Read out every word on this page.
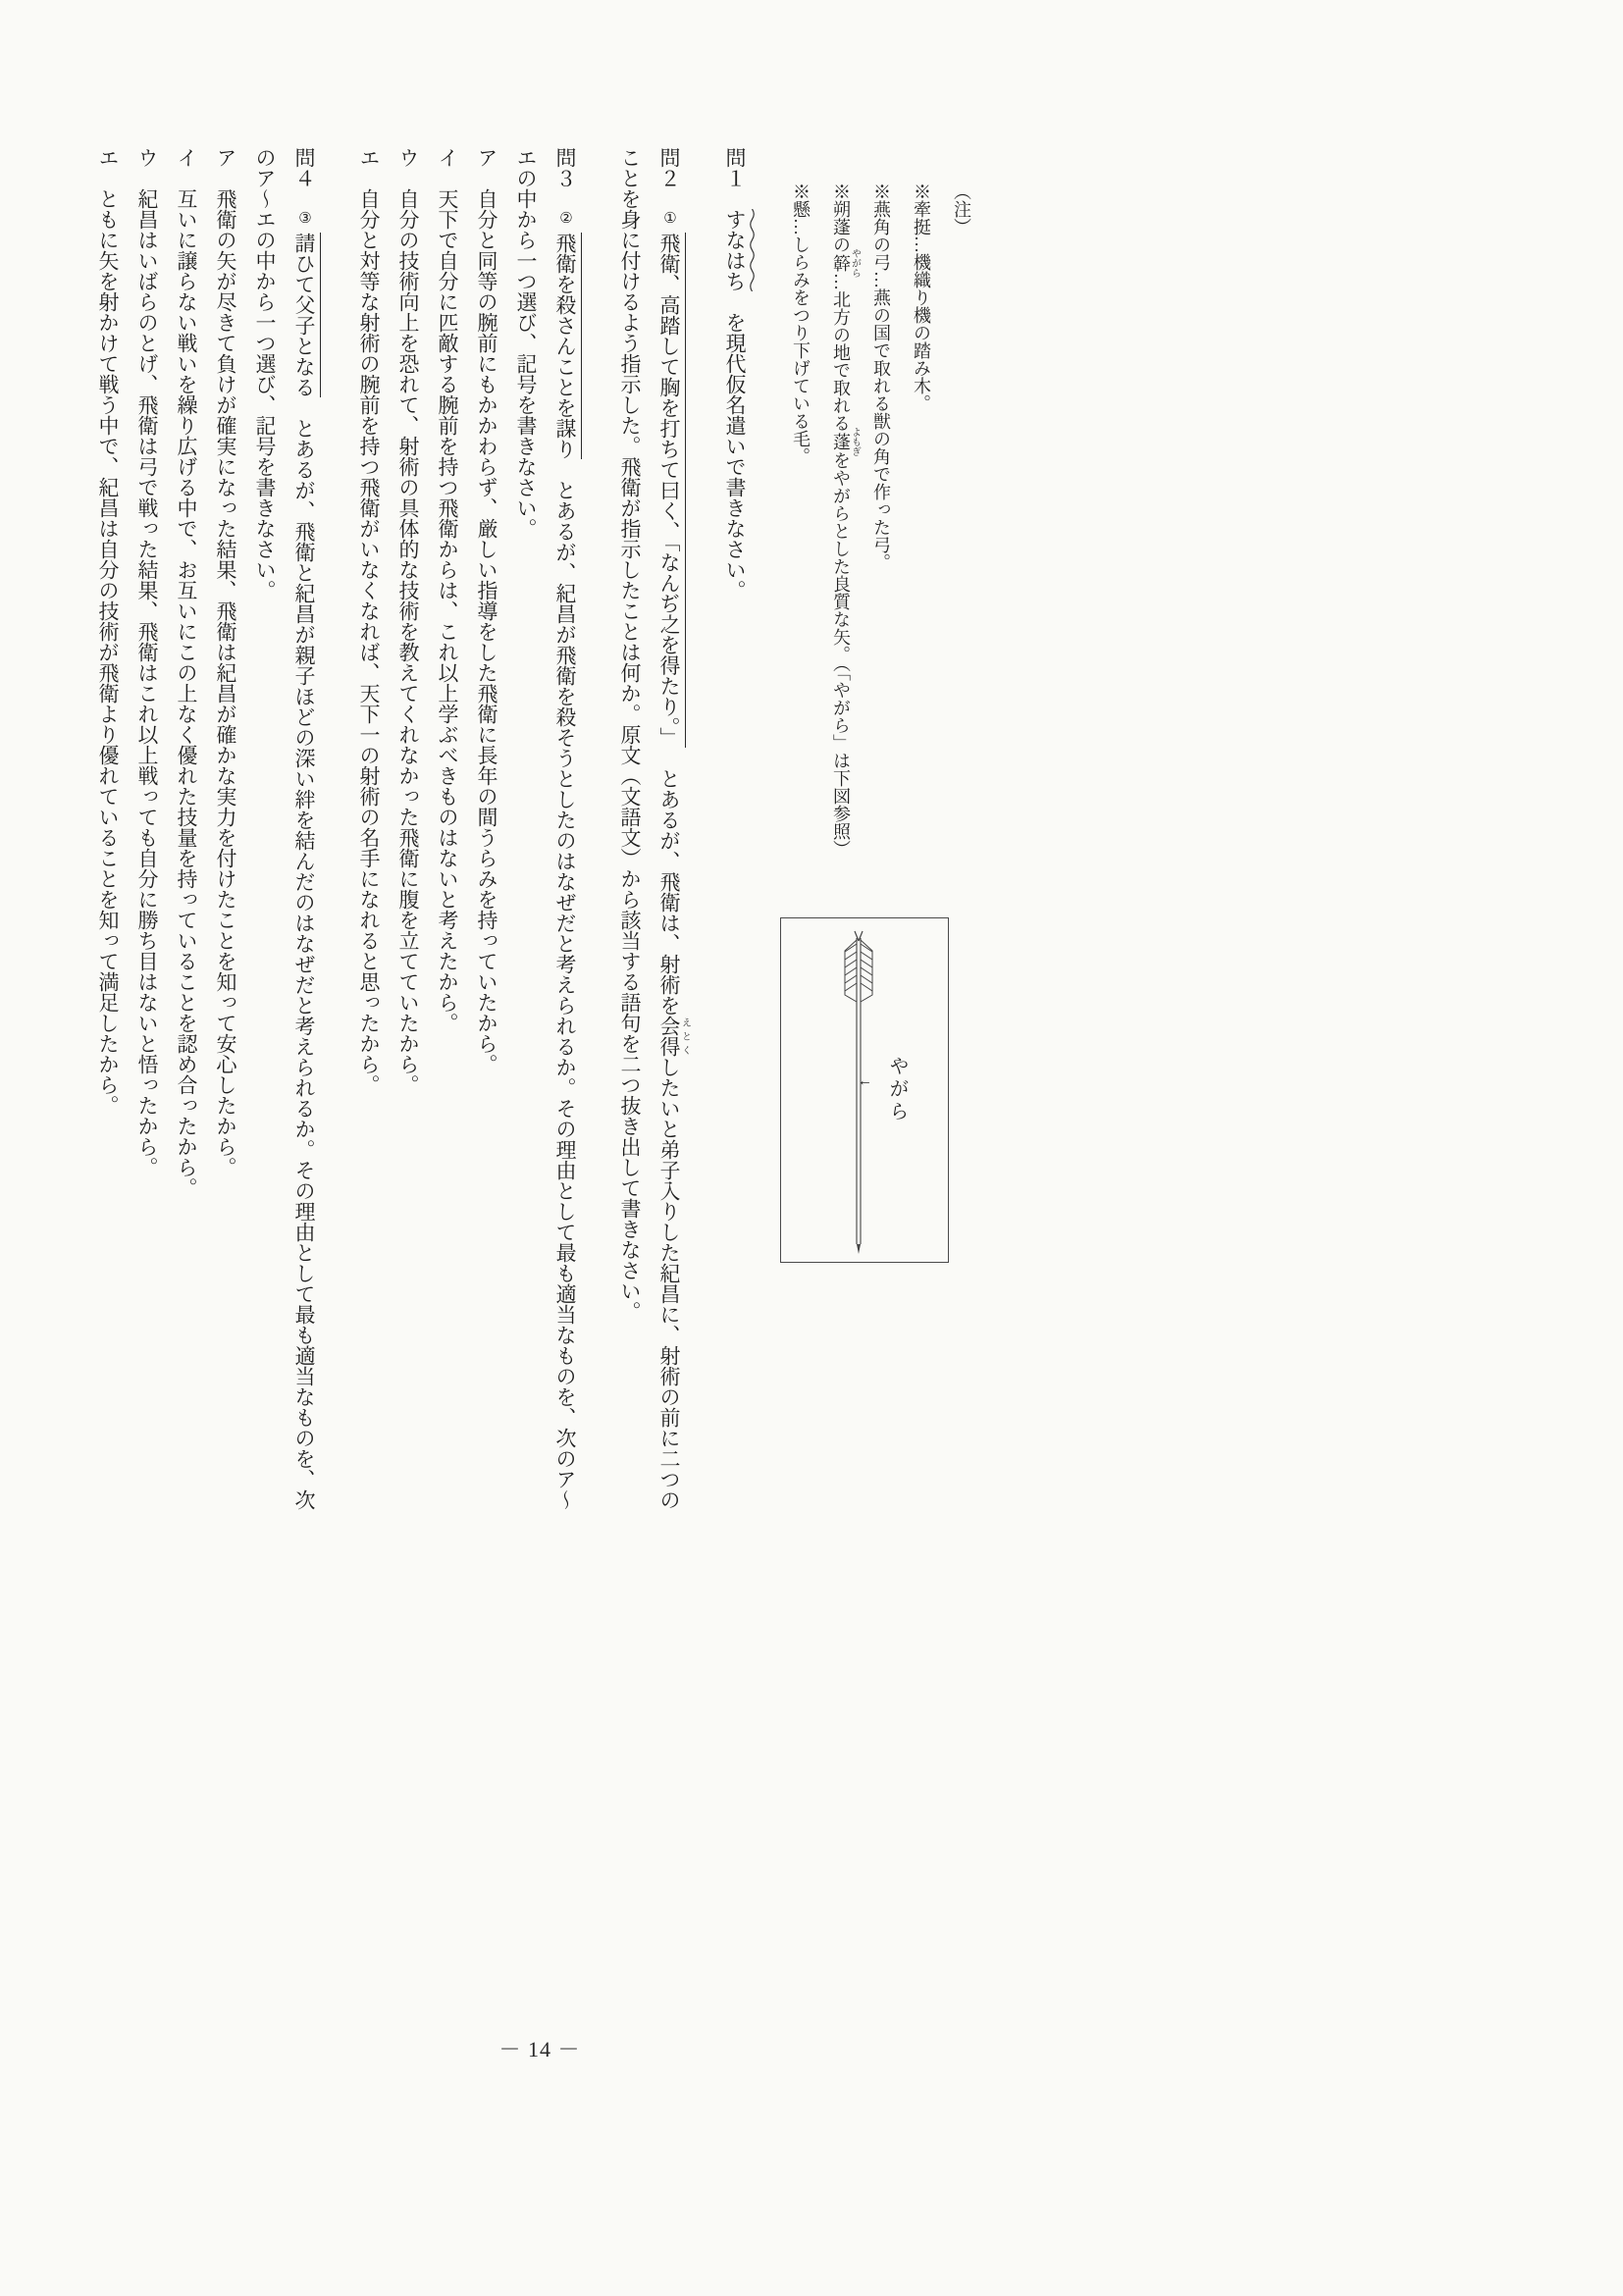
（注）

※牽挺…機織り機の踏み木。

※燕角の弓…燕の国で取れる獣の角で作った弓。

※朔蓬の簳やがら…北方の地で取れる蓬よもぎをやがらとした良質な矢。（「やがら」は下図参照）

※懸…しらみをつり下げている毛。

問１すなはち
を現代仮名遣いで書きなさい。

問２①飛衛、高踏して胸を打ちて曰く、「なんぢ之を得たり。」とあるが、飛衛は、射術を会得えとくしたいと弟子入りした紀昌に、射術の前に二つのことを身に付けるよう指示した。飛衛が指示したことは何か。原文（文語文）から該当する語句を二つ抜き出して書きなさい。

問３②飛衛を殺さんことを謀りとあるが、紀昌が飛衛を殺そうとしたのはなぜだと考えられるか。その理由として最も適当なものを、次のア～エの中から一つ選び、記号を書きなさい。

ア自分と同等の腕前にもかかわらず、厳しい指導をした飛衛に長年の間うらみを持っていたから。
イ天下で自分に匹敵する腕前を持つ飛衛からは、これ以上学ぶべきものはないと考えたから。
ウ自分の技術向上を恐れて、射術の具体的な技術を教えてくれなかった飛衛に腹を立てていたから。
エ自分と対等な射術の腕前を持つ飛衛がいなくなれば、天下一の射術の名手になれると思ったから。

問４③請ひて父子となるとあるが、飛衛と紀昌が親子ほどの深い絆を結んだのはなぜだと考えられるか。その理由として最も適当なものを、次のア～エの中から一つ選び、記号を書きなさい。

ア飛衛の矢が尽きて負けが確実になった結果、飛衛は紀昌が確かな実力を付けたことを知って安心したから。
イ互いに譲らない戦いを繰り広げる中で、お互いにこの上なく優れた技量を持っていることを認め合ったから。
ウ紀昌はいばらのとげ、飛衛は弓で戦った結果、飛衛はこれ以上戦っても自分に勝ち目はないと悟ったから。
エともに矢を射かけて戦う中で、紀昌は自分の技術が飛衛より優れていることを知って満足したから。	← やがら
－ 14 －
